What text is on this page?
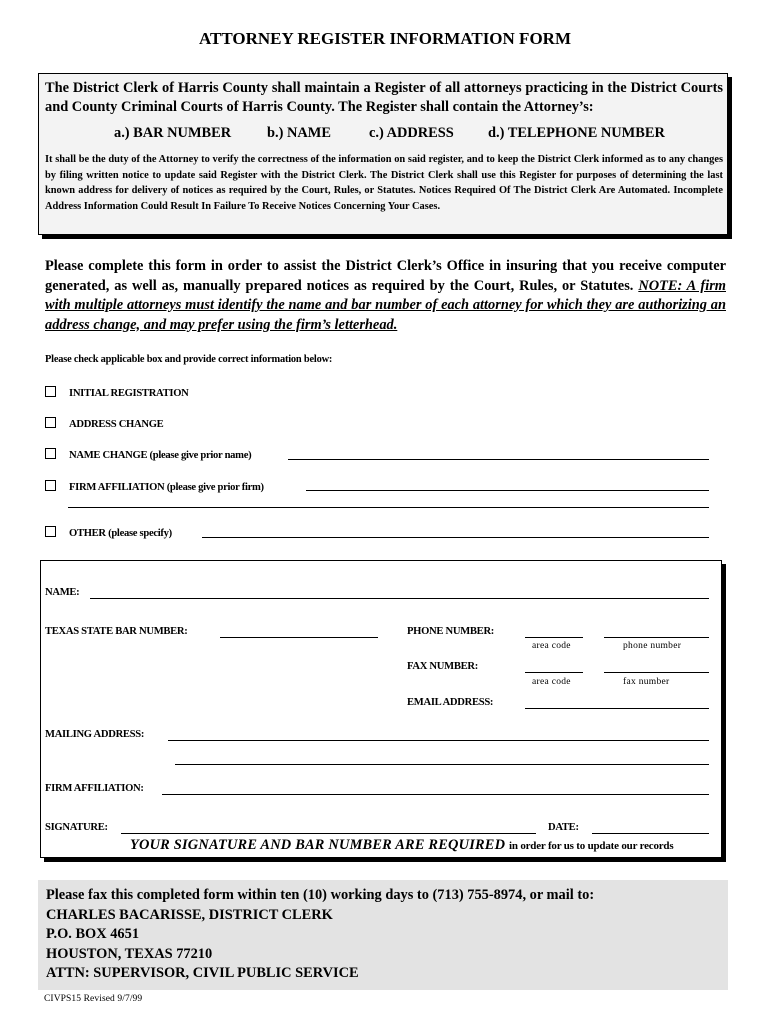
ATTORNEY REGISTER INFORMATION FORM
The District Clerk of Harris County shall maintain a Register of all attorneys practicing in the District Courts and County Criminal Courts of Harris County. The Register shall contain the Attorney’s:
a.) BAR NUMBER b.) NAME	c.) ADDRESS d.) TELEPHONE NUMBER
It shall be the duty of the Attorney to verify the correctness of the information on said register, and to keep the District Clerk informed as to any changes by filing written notice to update said Register with the District Clerk. The District Clerk shall use this Register for purposes of determining the last known address for delivery of notices as required by the Court, Rules, or Statutes. Notices Required Of The District Clerk Are Automated. Incomplete Address Information Could Result In Failure To Receive Notices Concerning Your Cases.
Please complete this form in order to assist the District Clerk’s Office in insuring that you receive computer generated, as well as, manually prepared notices as required by the Court, Rules, or Statutes. NOTE: A firm with multiple attorneys must identify the name and bar number of each attorney for which they are authorizing an address change, and may prefer using the firm’s letterhead.
Please check applicable box and provide correct information below:
INITIAL REGISTRATION
ADDRESS CHANGE
NAME CHANGE (please give prior name)
FIRM AFFILIATION (please give prior firm)
OTHER (please specify)
NAME:
TEXAS STATE BAR NUMBER:	PHONE NUMBER:
area code	phone number
FAX NUMBER:
area code	fax number
EMAIL ADDRESS:
MAILING ADDRESS:
FIRM AFFILIATION:
SIGNATURE:	DATE:
YOUR SIGNATURE AND BAR NUMBER ARE REQUIRED in order for us to update our records
Please fax this completed form within ten (10) working days to (713) 755-8974, or mail to:
CHARLES BACARISSE, DISTRICT CLERK
P.O. BOX 4651
HOUSTON, TEXAS 77210
ATTN: SUPERVISOR, CIVIL PUBLIC SERVICE
CIVPS15 Revised 9/7/99
